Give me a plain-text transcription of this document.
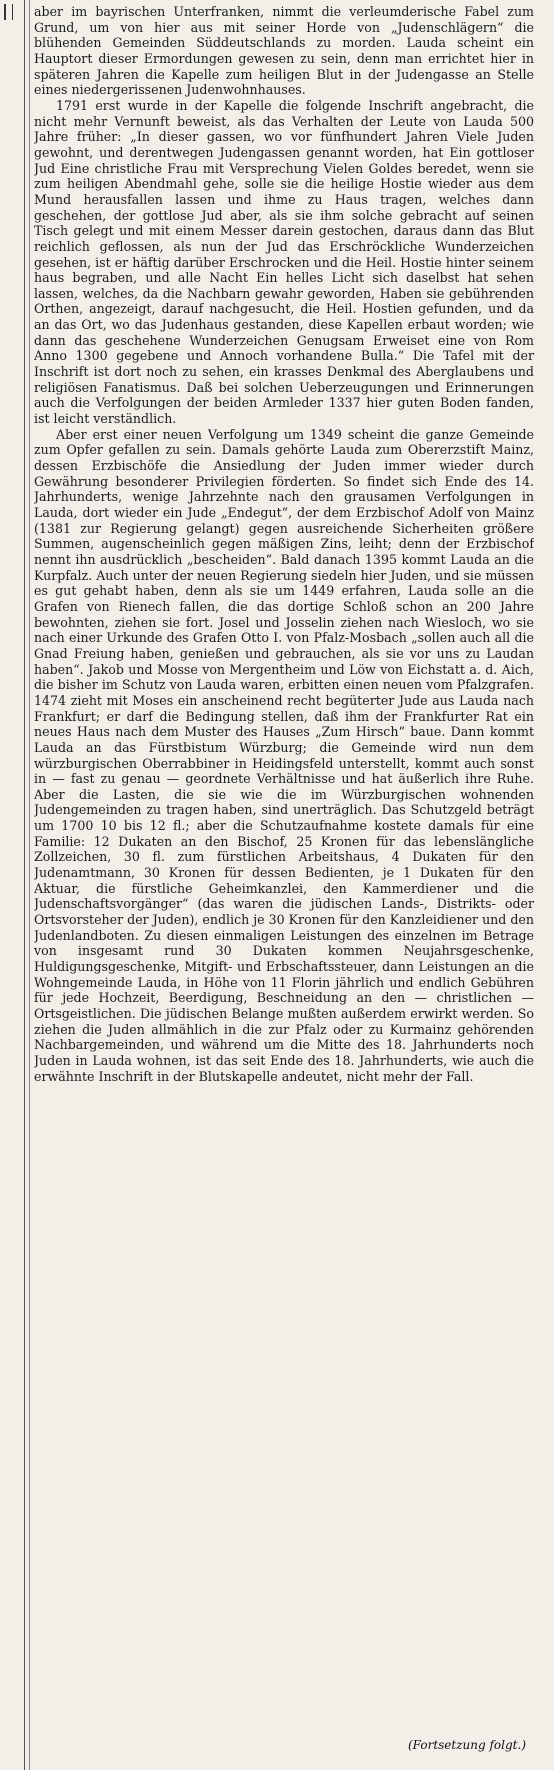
aber im bayrischen Unterfranken, nimmt die verleumderische Fabel zum Grund, um von hier aus mit seiner Horde von „Judenschlägern“ die blühenden Gemeinden Süddeutschlands zu morden. Lauda scheint ein Hauptort dieser Ermordungen gewesen zu sein, denn man errichtet hier in späteren Jahren die Kapelle zum heiligen Blut in der Judengasse an Stelle eines niedergerissenen Judenwohnhauses.

1791 erst wurde in der Kapelle die folgende Inschrift angebracht, die nicht mehr Vernunft beweist, als das Verhalten der Leute von Lauda 500 Jahre früher: „In dieser gassen, wo vor fünfhundert Jahren Viele Juden gewohnt, und derentwegen Judengassen genannt worden, hat Ein gottloser Jud Eine christliche Frau mit Versprechung Vielen Goldes beredet, wenn sie zum heiligen Abendmahl gehe, solle sie die heilige Hostie wieder aus dem Mund herausfallen lassen und ihme zu Haus tragen, welches dann geschehen, der gottlose Jud aber, als sie ihm solche gebracht auf seinen Tisch gelegt und mit einem Messer darein gestochen, daraus dann das Blut reichlich geflossen, als nun der Jud das Erschröckliche Wunderzeichen gesehen, ist er häftig darüber Erschrocken und die Heil. Hostie hinter seinem haus begraben, und alle Nacht Ein helles Licht sich daselbst hat sehen lassen, welches, da die Nachbarn gewahr geworden, Haben sie gebührenden Orthen, angezeigt, darauf nachgesucht, die Heil. Hostien gefunden, und da an das Ort, wo das Judenhaus gestanden, diese Kapellen erbaut worden; wie dann das geschehene Wunderzeichen Genugsam Erweiset eine von Rom Anno 1300 gegebene und Annoch vorhandene Bulla.“ Die Tafel mit der Inschrift ist dort noch zu sehen, ein krasses Denkmal des Aberglaubens und religiösen Fanatismus. Daß bei solchen Ueberzeugungen und Erinnerungen auch die Verfolgungen der beiden Armleder 1337 hier guten Boden fanden, ist leicht verständlich.

Aber erst einer neuen Verfolgung um 1349 scheint die ganze Gemeinde zum Opfer gefallen zu sein. Damals gehörte Lauda zum Obererzstift Mainz, dessen Erzbischöfe die Ansiedlung der Juden immer wieder durch Gewährung besonderer Privilegien förderten. So findet sich Ende des 14. Jahrhunderts, wenige Jahrzehnte nach den grausamen Verfolgungen in Lauda, dort wieder ein Jude „Endegut“, der dem Erzbischof Adolf von Mainz (1381 zur Regierung gelangt) gegen ausreichende Sicherheiten größere Summen, augenscheinlich gegen mäßigen Zins, leiht; denn der Erzbischof nennt ihn ausdrücklich „bescheiden“. Bald danach 1395 kommt Lauda an die Kurpfalz. Auch unter der neuen Regierung siedeln hier Juden, und sie müssen es gut gehabt haben, denn als sie um 1449 erfahren, Lauda solle an die Grafen von Rienech fallen, die das dortige Schloß schon an 200 Jahre bewohnten, ziehen sie fort. Josel und Josselin ziehen nach Wiesloch, wo sie nach einer Urkunde des Grafen Otto I. von Pfalz-Mosbach „sollen auch all die Gnad Freiung haben, genießen und gebrauchen, als sie vor uns zu Laudan haben“. Jakob und Mosse von Mergentheim und Löw von Eichstatt a. d. Aich, die bisher im Schutz von Lauda waren, erbitten einen neuen vom Pfalzgrafen. 1474 zieht mit Moses ein anscheinend recht begüterter Jude aus Lauda nach Frankfurt; er darf die Bedingung stellen, daß ihm der Frankfurter Rat ein neues Haus nach dem Muster des Hauses „Zum Hirsch“ baue. Dann kommt Lauda an das Fürstbistum Würzburg; die Gemeinde wird nun dem würzburgischen Oberrabbiner in Heidingsfeld unterstellt, kommt auch sonst in — fast zu genau — geordnete Verhältnisse und hat äußerlich ihre Ruhe. Aber die Lasten, die sie wie die im Würzburgischen wohnenden Judengemeinden zu tragen haben, sind unerträglich. Das Schutzgeld beträgt um 1700 10 bis 12 fl.; aber die Schutzaufnahme kostete damals für eine Familie: 12 Dukaten an den Bischof, 25 Kronen für das lebenslängliche Zollzeichen, 30 fl. zum fürstlichen Arbeitshaus, 4 Dukaten für den Judenamtmann, 30 Kronen für dessen Bedienten, je 1 Dukaten für den Aktuar, die fürstliche Geheimkanzlei, den Kammerdiener und die Judenschaftsvorgänger“ (das waren die jüdischen Lands-, Distrikts- oder Ortsvorsteher der Juden), endlich je 30 Kronen für den Kanzleidiener und den Judenlandboten. Zu diesen einmaligen Leistungen des einzelnen im Betrage von insgesamt rund 30 Dukaten kommen Neujahrsgeschenke, Huldigungsgeschenke, Mitgift- und Erbschaftssteuer, dann Leistungen an die Wohngemeinde Lauda, in Höhe von 11 Florin jährlich und endlich Gebühren für jede Hochzeit, Beerdigung, Beschneidung an den — christlichen — Ortsgeistlichen. Die jüdischen Belange mußten außerdem erwirkt werden. So ziehen die Juden allmählich in die zur Pfalz oder zu Kurmainz gehörenden Nachbargemeinden, und während um die Mitte des 18. Jahrhunderts noch Juden in Lauda wohnen, ist das seit Ende des 18. Jahrhunderts, wie auch die erwähnte Inschrift in der Blutskapelle andeutet, nicht mehr der Fall.

(Fortsetzung folgt.)
